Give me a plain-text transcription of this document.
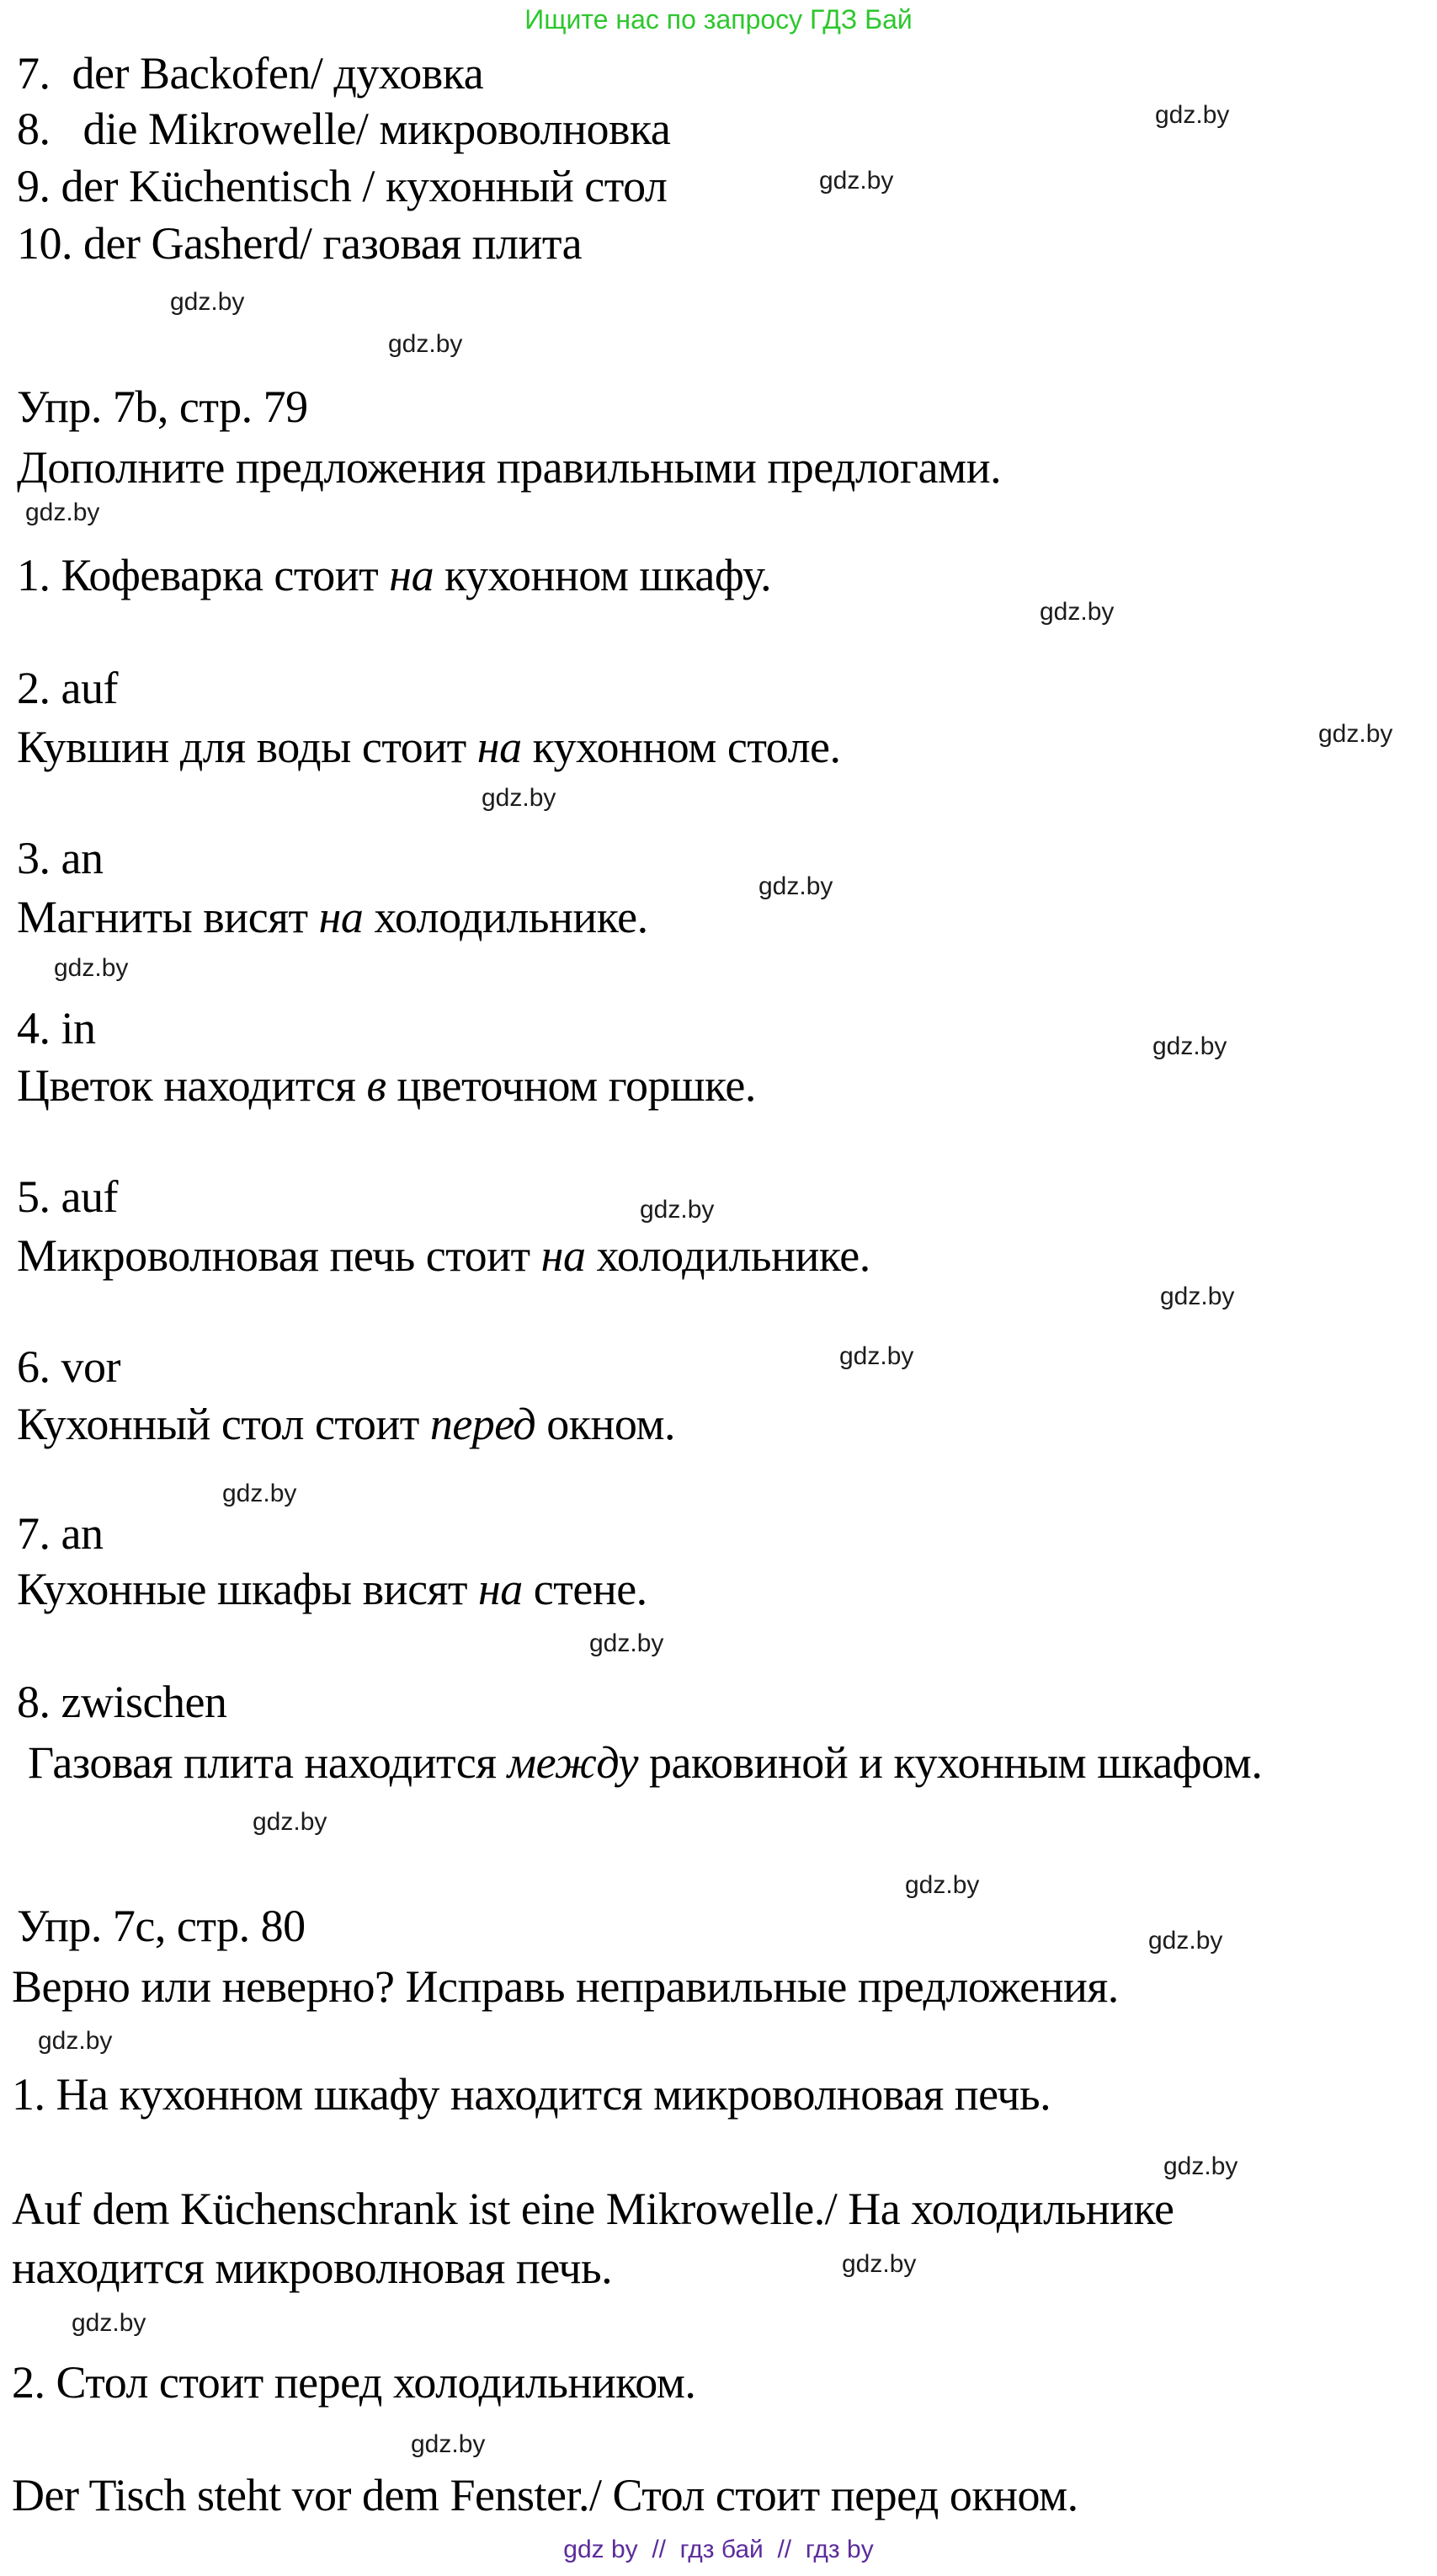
Ищите нас по запросу ГДЗ Бай
7.  der Backofen/ духовка
8.   die Mikrowelle/ микроволновка
9. der Küchentisch / кухонный стол
10. der Gasherd/ газовая плита
Упр. 7b, стр. 79
Дополните предложения правильными предлогами.
1. Кофеварка стоит на кухонном шкафу.
2. auf
Кувшин для воды стоит на кухонном столе.
3. an
Магниты висят на холодильнике.
4. in
Цветок находится в цветочном горшке.
5. auf
Микроволновая печь стоит на холодильнике.
6. vor
Кухонный стол стоит перед окном.
7. an
Кухонные шкафы висят на стене.
8. zwischen
Газовая плита находится между раковиной и кухонным шкафом.
Упр. 7c, стр. 80
Верно или неверно? Исправь неправильные предложения.
1. На кухонном шкафу находится микроволновая печь.
Auf dem Küchenschrank ist eine Mikrowelle./ На холодильнике
находится микроволновая печь.
2. Стол стоит перед холодильником.
Der Tisch steht vor dem Fenster./ Стол стоит перед окном.
gdz.by
gdz.by
gdz.by
gdz.by
gdz.by
gdz.by
gdz.by
gdz.by
gdz.by
gdz.by
gdz.by
gdz.by
gdz.by
gdz.by
gdz.by
gdz.by
gdz.by
gdz.by
gdz.by
gdz.by
gdz.by
gdz.by
gdz.by
gdz.by
gdz by  //  гдз бай  //  гдз by
